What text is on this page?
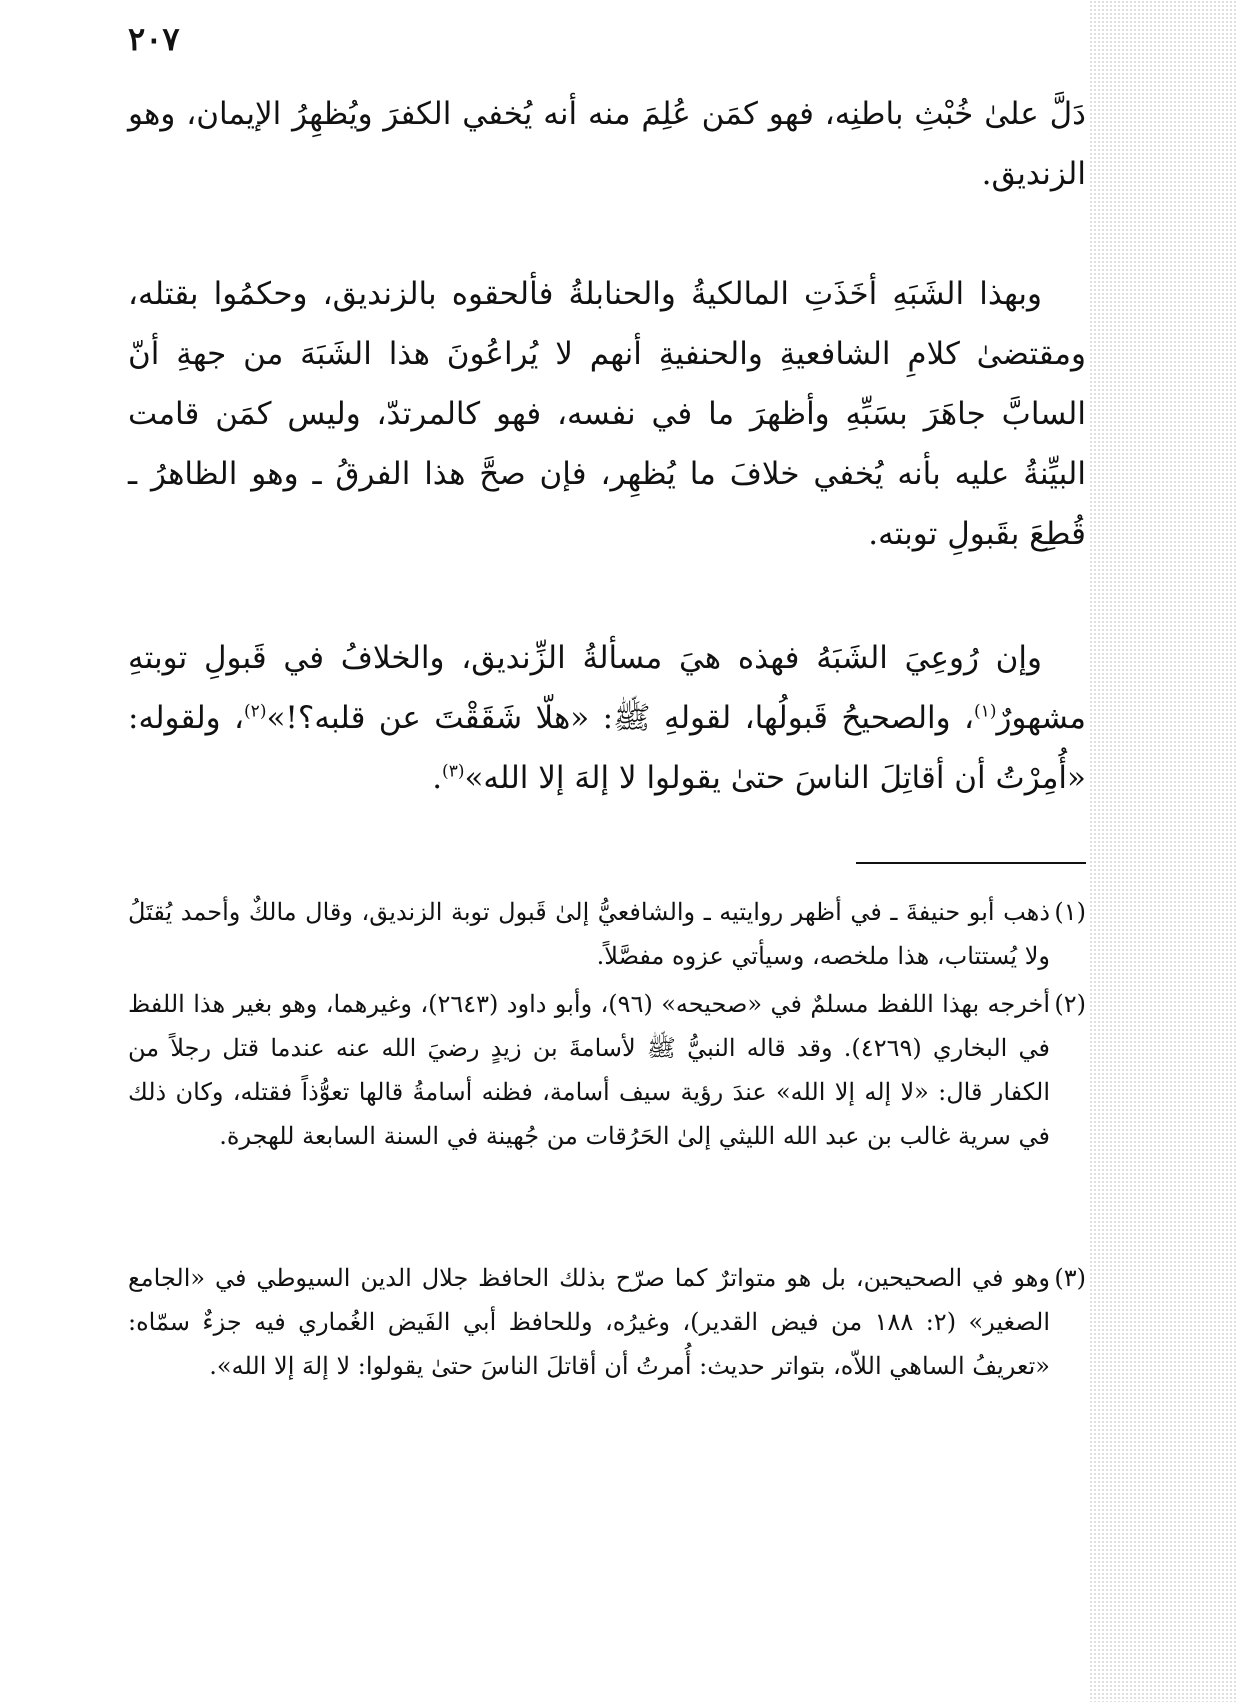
٢٠٧

دَلَّ علىٰ خُبْثِ باطنِه، فهو كمَن عُلِمَ منه أنه يُخفي الكفرَ ويُظهِرُ الإيمان، وهو الزنديق.

وبهذا الشَبَهِ أخَذَتِ المالكيةُ والحنابلةُ فألحقوه بالزنديق، وحكمُوا بقتله، ومقتضىٰ كلامِ الشافعيةِ والحنفيةِ أنهم لا يُراعُونَ هذا الشَبَهَ من جهةِ أنّ السابَّ جاهَرَ بسَبِّهِ وأظهرَ ما في نفسه، فهو كالمرتدّ، وليس كمَن قامت البيِّنةُ عليه بأنه يُخفي خلافَ ما يُظهِر، فإن صحَّ هذا الفرقُ ـ وهو الظاهرُ ـ قُطِعَ بقَبولِ توبته.

وإن رُوعِيَ الشَبَهُ فهذه هيَ مسألةُ الزِّنديق، والخلافُ في قَبولِ توبتهِ مشهورٌ$^{(١)}$، والصحيحُ قَبولُها، لقولهِ ﷺ: «هلّا شَقَقْتَ عن قلبه؟!»$^{(٢)}$، ولقوله: «أُمِرْتُ أن أقاتِلَ الناسَ حتىٰ يقولوا لا إلهَ إلا الله»$^{(٣)}$.

(١)
ذهب أبو حنيفةَ ـ في أظهر روايتيه ـ والشافعيُّ إلىٰ قَبول توبة الزنديق، وقال مالكٌ وأحمد يُقتَلُ ولا يُستتاب، هذا ملخصه، وسيأتي عزوه مفصَّلاً.

(٢)
أخرجه بهذا اللفظ مسلمٌ في «صحيحه» (٩٦)، وأبو داود (٢٦٤٣)، وغيرهما، وهو بغير هذا اللفظ في البخاري (٤٢٦٩). وقد قاله النبيُّ ﷺ لأسامةَ بن زيدٍ رضيَ الله عنه عندما قتل رجلاً من الكفار قال: «لا إله إلا الله» عندَ رؤية سيف أسامة، فظنه أسامةُ قالها تعوُّذاً فقتله، وكان ذلك في سرية غالب بن عبد الله الليثي إلىٰ الحَرُقات من جُهينة في السنة السابعة للهجرة.

(٣)
وهو في الصحيحين، بل هو متواترٌ كما صرّح بذلك الحافظ جلال الدين السيوطي في «الجامع الصغير» (٢: ١٨٨ من فيض القدير)، وغيرُه، وللحافظ أبي الفَيض الغُماري فيه جزءٌ سمّاه: «تعريفُ الساهي اللاّه، بتواتر حديث: أُمرتُ أن أقاتلَ الناسَ حتىٰ يقولوا: لا إلهَ إلا الله».
